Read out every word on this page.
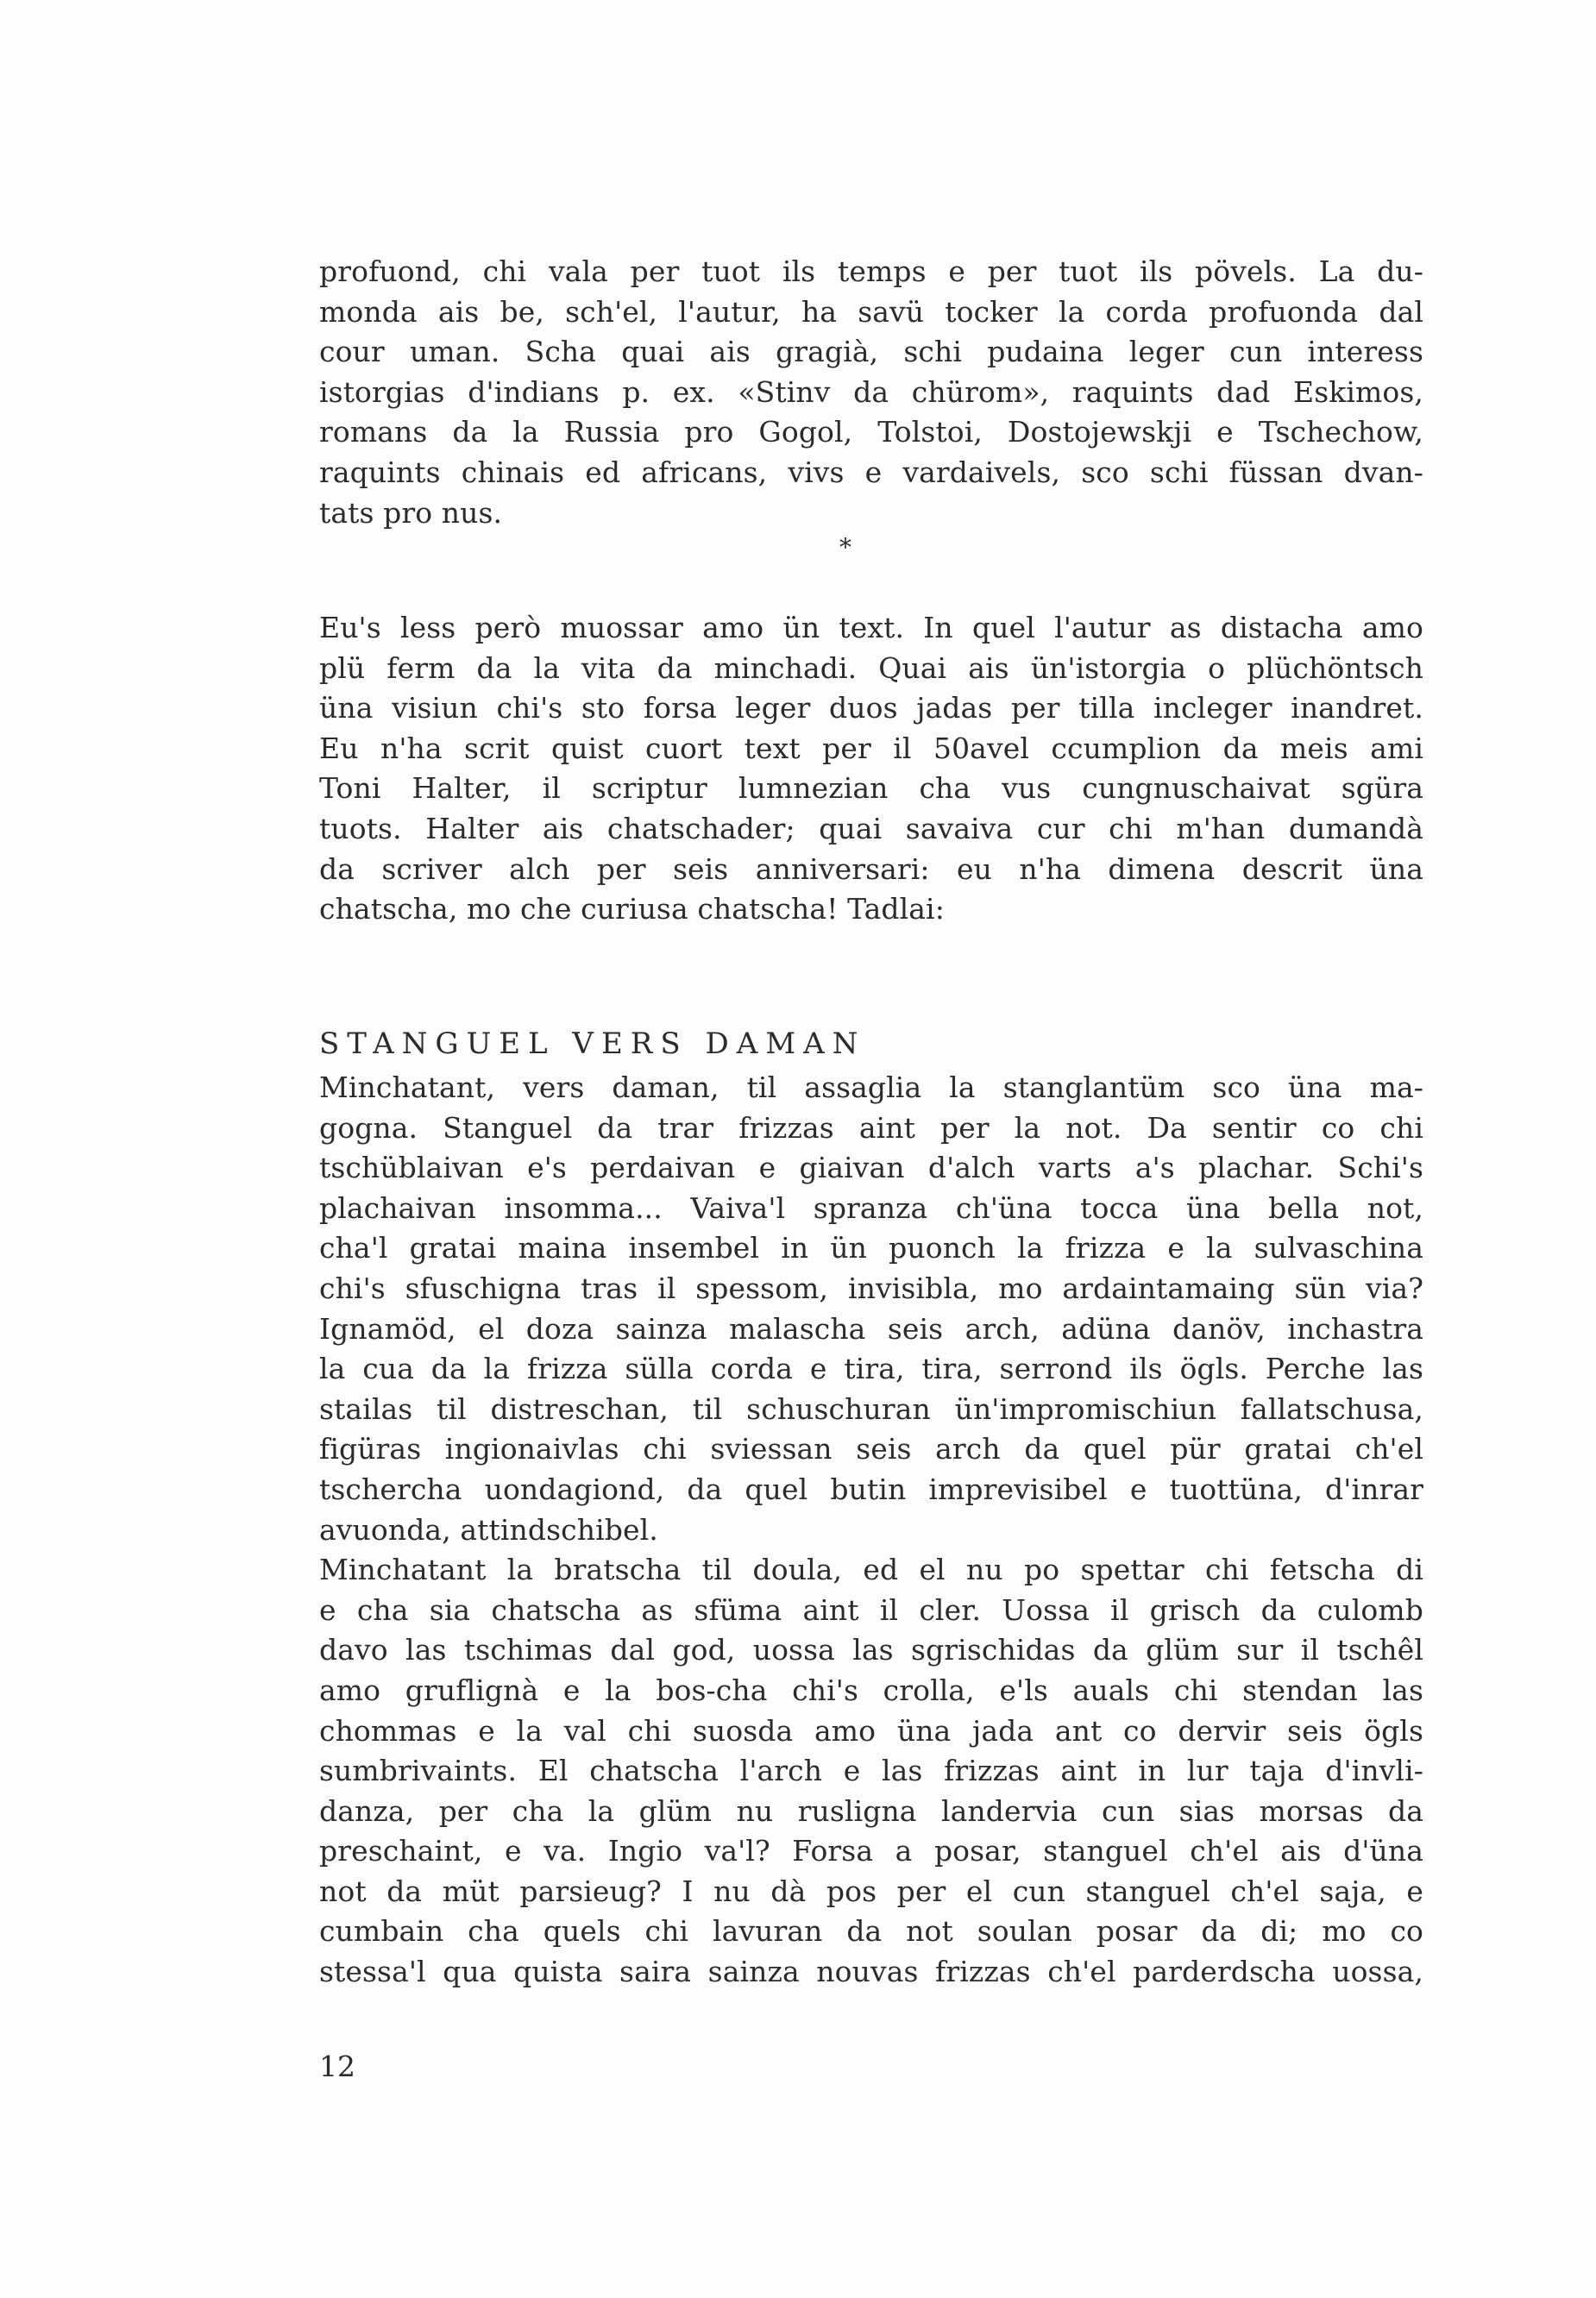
profuond, chi vala per tuot ils temps e per tuot ils pövels. La du-
monda ais be, sch'el, l'autur, ha savü tocker la corda profuonda dal
cour uman. Scha quai ais gragià, schi pudaina leger cun interess
istorgias d'indians p. ex. «Stinv da chürom», raquints dad Eskimos,
romans da la Russia pro Gogol, Tolstoi, Dostojewskji e Tschechow,
raquints chinais ed africans, vivs e vardaivels, sco schi füssan dvan-
tats pro nus.
*
Eu's less però muossar amo ün text. In quel l'autur as distacha amo
plü ferm da la vita da minchadi. Quai ais ün'istorgia o plüchöntsch
üna visiun chi's sto forsa leger duos jadas per tilla incleger inandret.
Eu n'ha scrit quist cuort text per il 50avel ccumplion da meis ami
Toni Halter, il scriptur lumnezian cha vus cungnuschaivat sgüra
tuots. Halter ais chatschader; quai savaiva cur chi m'han dumandà
da scriver alch per seis anniversari: eu n'ha dimena descrit üna
chatscha, mo che curiusa chatscha! Tadlai:
STANGUEL VERS DAMAN
Minchatant, vers daman, til assaglia la stanglantüm sco üna ma-
gogna. Stanguel da trar frizzas aint per la not. Da sentir co chi
tschüblaivan e's perdaivan e giaivan d'alch varts a's plachar. Schi's
plachaivan insomma... Vaiva'l spranza ch'üna tocca üna bella not,
cha'l gratai maina insembel in ün puonch la frizza e la sulvaschina
chi's sfuschigna tras il spessom, invisibla, mo ardaintamaing sün via?
Ignamöd, el doza sainza malascha seis arch, adüna danöv, inchastra
la cua da la frizza sülla corda e tira, tira, serrond ils ögls. Perche las
stailas til distreschan, til schuschuran ün'impromischiun fallatschusa,
figüras ingionaivlas chi sviessan seis arch da quel pür gratai ch'el
tschercha uondagiond, da quel butin imprevisibel e tuottüna, d'inrar
avuonda, attindschibel.
Minchatant la bratscha til doula, ed el nu po spettar chi fetscha di
e cha sia chatscha as sfüma aint il cler. Uossa il grisch da culomb
davo las tschimas dal god, uossa las sgrischidas da glüm sur il tschêl
amo gruflignà e la bos-cha chi's crolla, e'ls auals chi stendan las
chommas e la val chi suosda amo üna jada ant co dervir seis ögls
sumbrivaints. El chatscha l'arch e las frizzas aint in lur taja d'invli-
danza, per cha la glüm nu rusligna landervia cun sias morsas da
preschaint, e va. Ingio va'l? Forsa a posar, stanguel ch'el ais d'üna
not da müt parsieug? I nu dà pos per el cun stanguel ch'el saja, e
cumbain cha quels chi lavuran da not soulan posar da di; mo co
stessa'l qua quista saira sainza nouvas frizzas ch'el parderdscha uossa,
12
